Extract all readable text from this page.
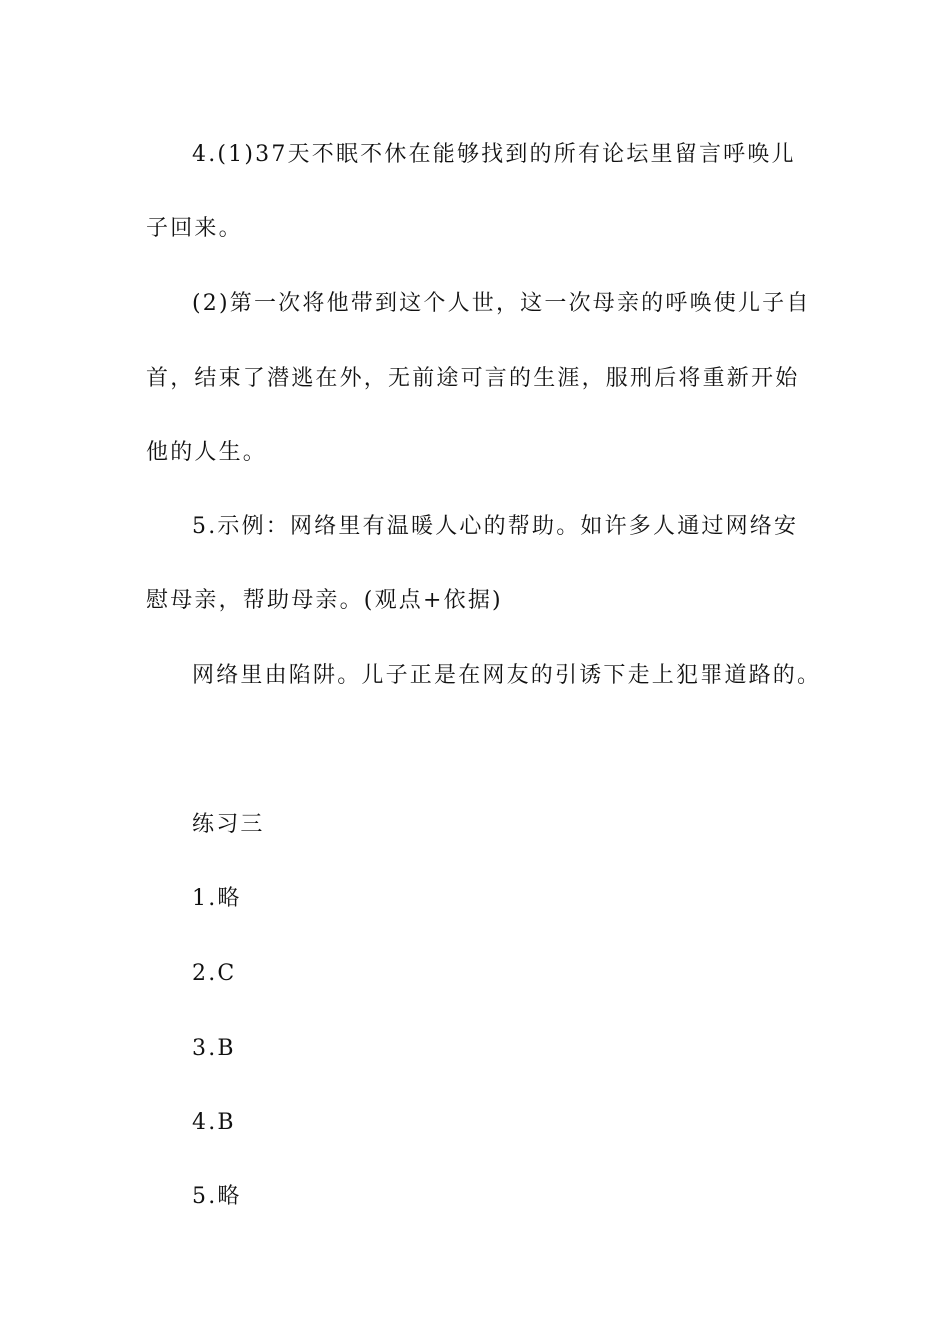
4.(1)37天不眠不休在能够找到的所有论坛里留言呼唤儿
子回来。
(2)第一次将他带到这个人世，这一次母亲的呼唤使儿子自
首，结束了潜逃在外，无前途可言的生涯，服刑后将重新开始
他的人生。
5.示例：网络里有温暖人心的帮助。如许多人通过网络安
慰母亲，帮助母亲。(观点+依据)
网络里由陷阱。儿子正是在网友的引诱下走上犯罪道路的。
练习三
1.略
2.C
3.B
4.B
5.略
